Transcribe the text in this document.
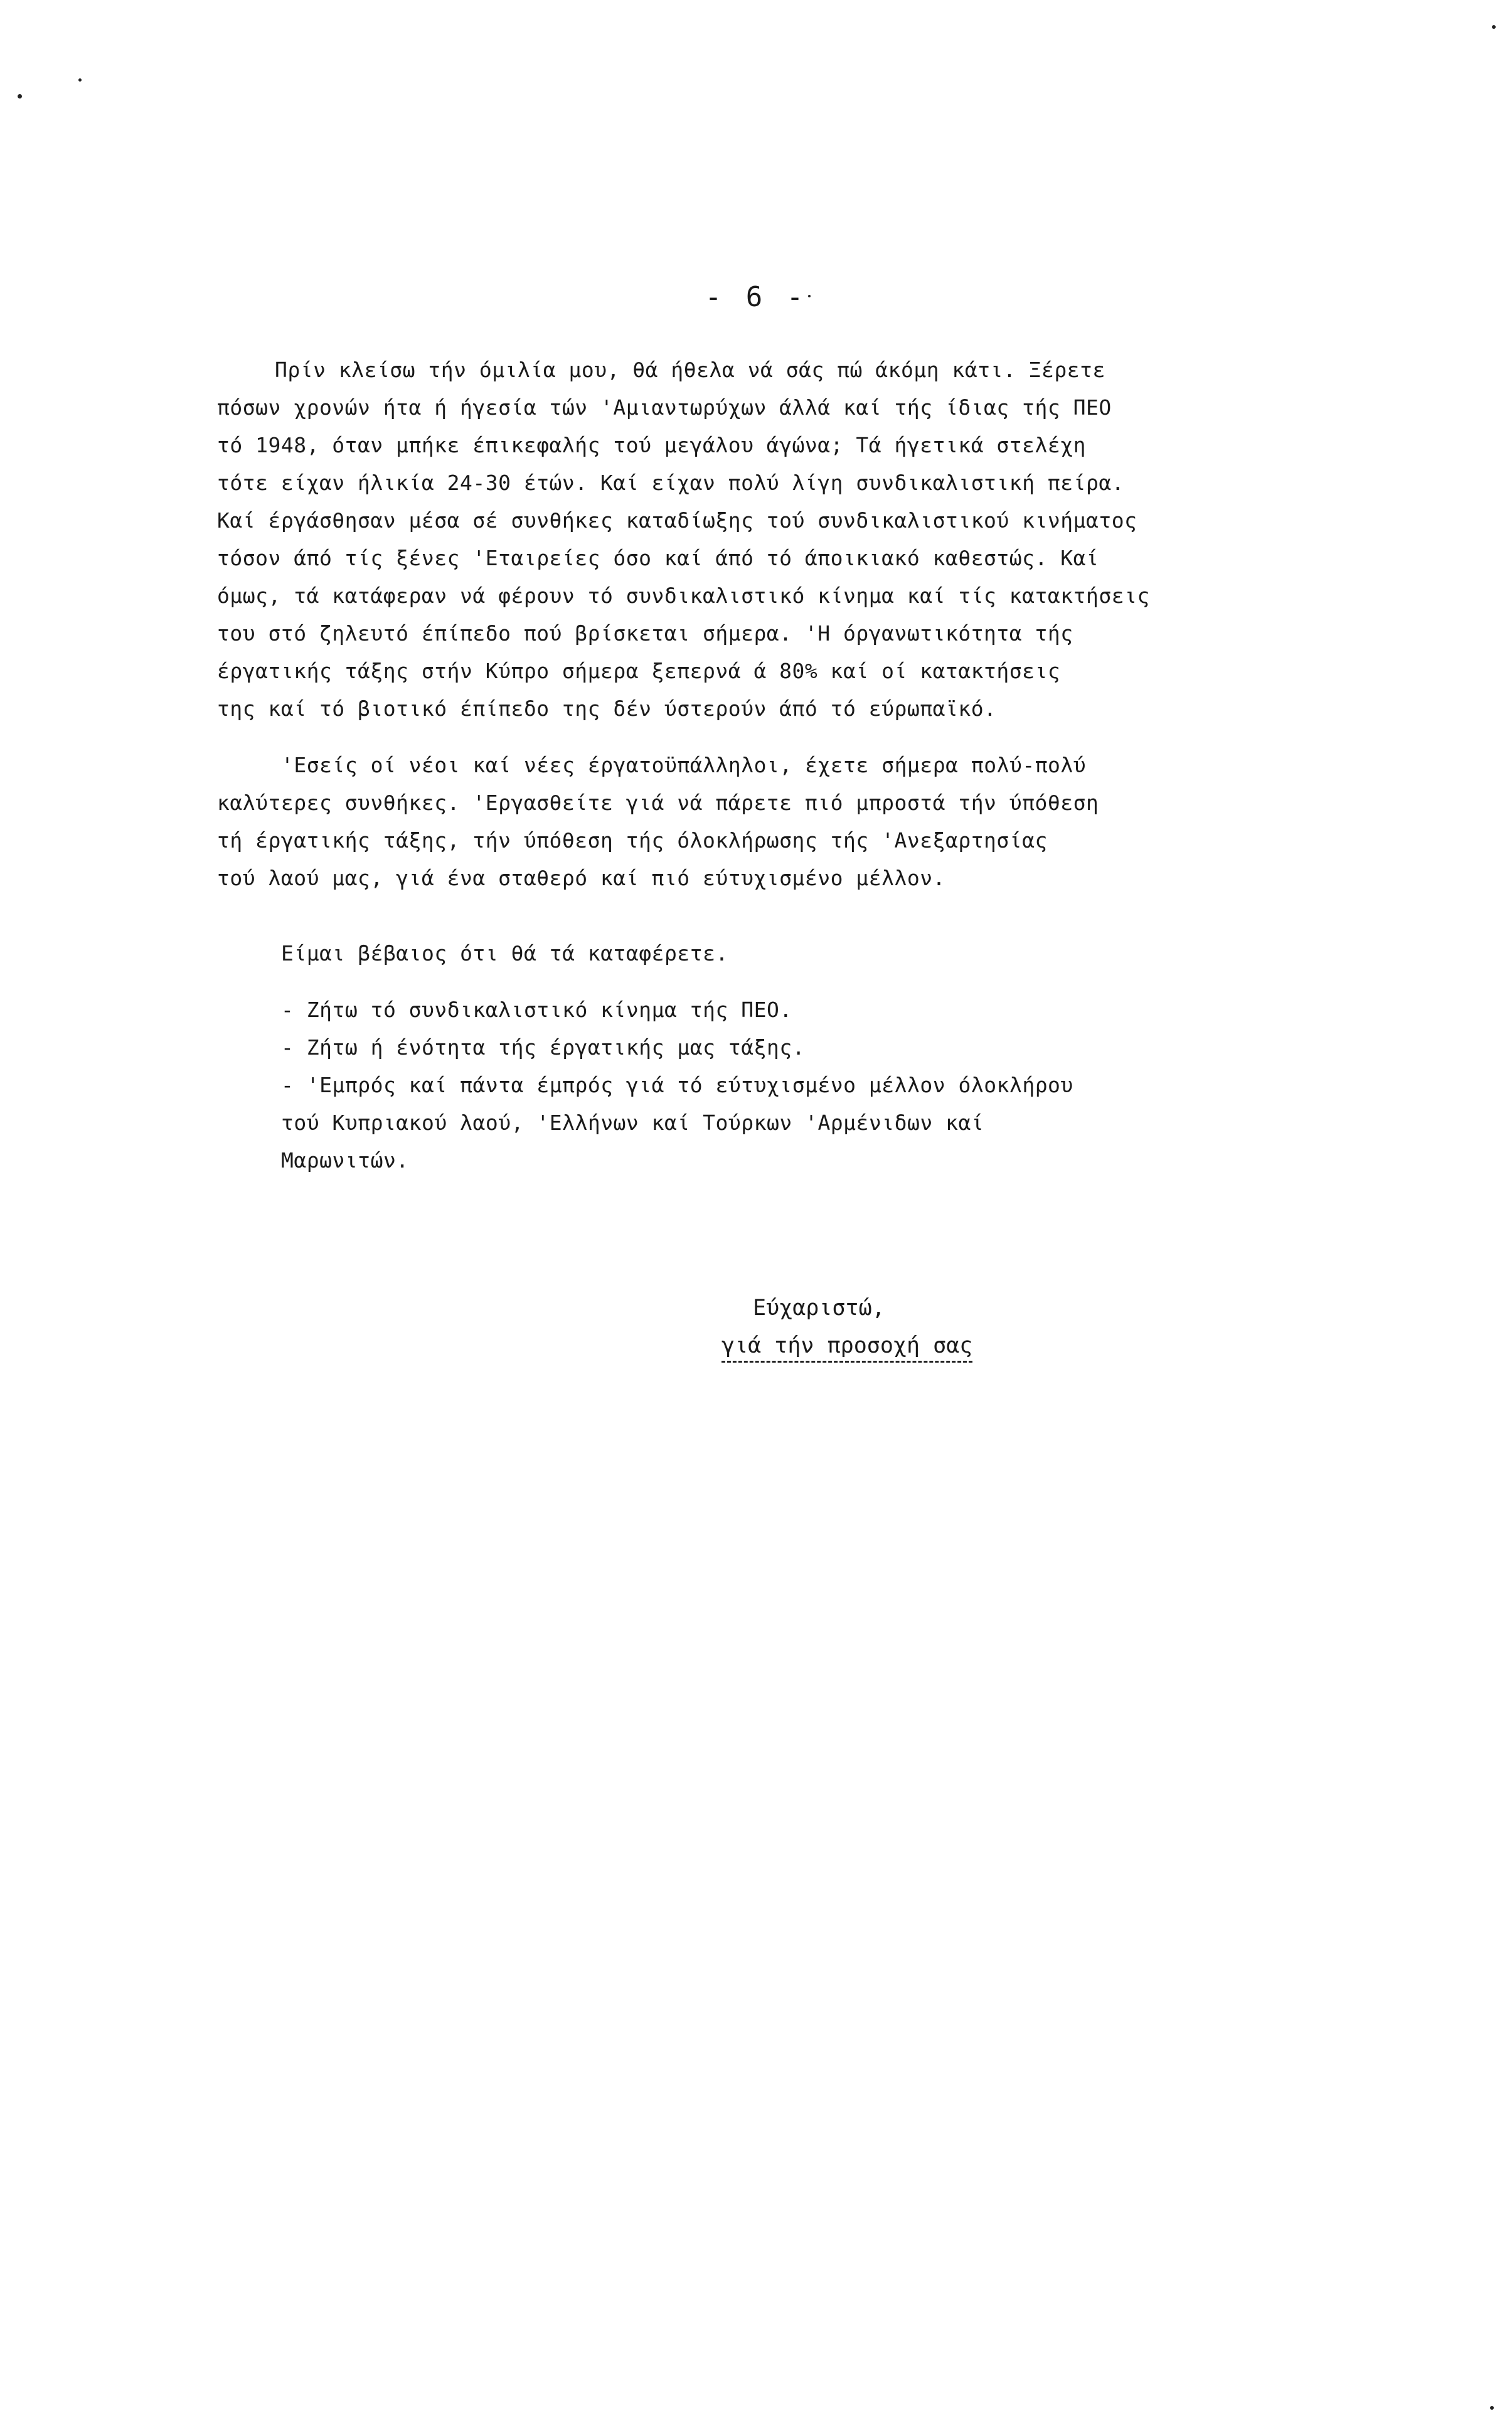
- 6 -
Πρίν κλείσω τήν όμιλία μου, θά ήθελα νά σάς πώ άκόμη κάτι. Ξέρετε
πόσων χρονών ήτα ή ήγεσία τών 'Αμιαντωρύχων άλλά καί τής ίδιας τής ΠΕΟ
τό 1948, όταν μπήκε έπικεφαλής τού μεγάλου άγώνα; Τά ήγετικά στελέχη
τότε είχαν ήλικία 24-30 έτών. Καί είχαν πολύ λίγη συνδικαλιστική πείρα.
Καί έργάσθησαν μέσα σέ συνθήκες καταδίωξης τού συνδικαλιστικού κινήματος
τόσον άπό τίς ξένες 'Εταιρείες όσο καί άπό τό άποικιακό καθεστώς. Καί
όμως, τά κατάφεραν νά φέρουν τό συνδικαλιστικό κίνημα καί τίς κατακτήσεις
του στό ζηλευτό έπίπεδο πού βρίσκεται σήμερα. 'Η όργανωτικότητα τής
έργατικής τάξης στήν Κύπρο σήμερα ξεπερνά ά 80% καί οί κατακτήσεις
της καί τό βιοτικό έπίπεδο της δέν ύστερούν άπό τό εύρωπαϊκό.
'Εσείς οί νέοι καί νέες έργατοϋπάλληλοι, έχετε σήμερα πολύ-πολύ
καλύτερες συνθήκες. 'Εργασθείτε γιά νά πάρετε πιό μπροστά τήν ύπόθεση
τή έργατικής τάξης, τήν ύπόθεση τής όλοκλήρωσης τής 'Ανεξαρτησίας
τού λαού μας, γιά ένα σταθερό καί πιό εύτυχισμένο μέλλον.
Είμαι βέβαιος ότι θά τά καταφέρετε.
- Ζήτω τό συνδικαλιστικό κίνημα τής ΠΕΟ.
- Ζήτω ή ένότητα τής έργατικής μας τάξης.
- 'Εμπρός καί πάντα έμπρός γιά τό εύτυχισμένο μέλλον όλοκλήρου
τού Κυπριακού λαού, 'Ελλήνων καί Τούρκων 'Αρμένιδων καί
Μαρωνιτών.
Εύχαριστώ,
γιά τήν προσοχή σας
